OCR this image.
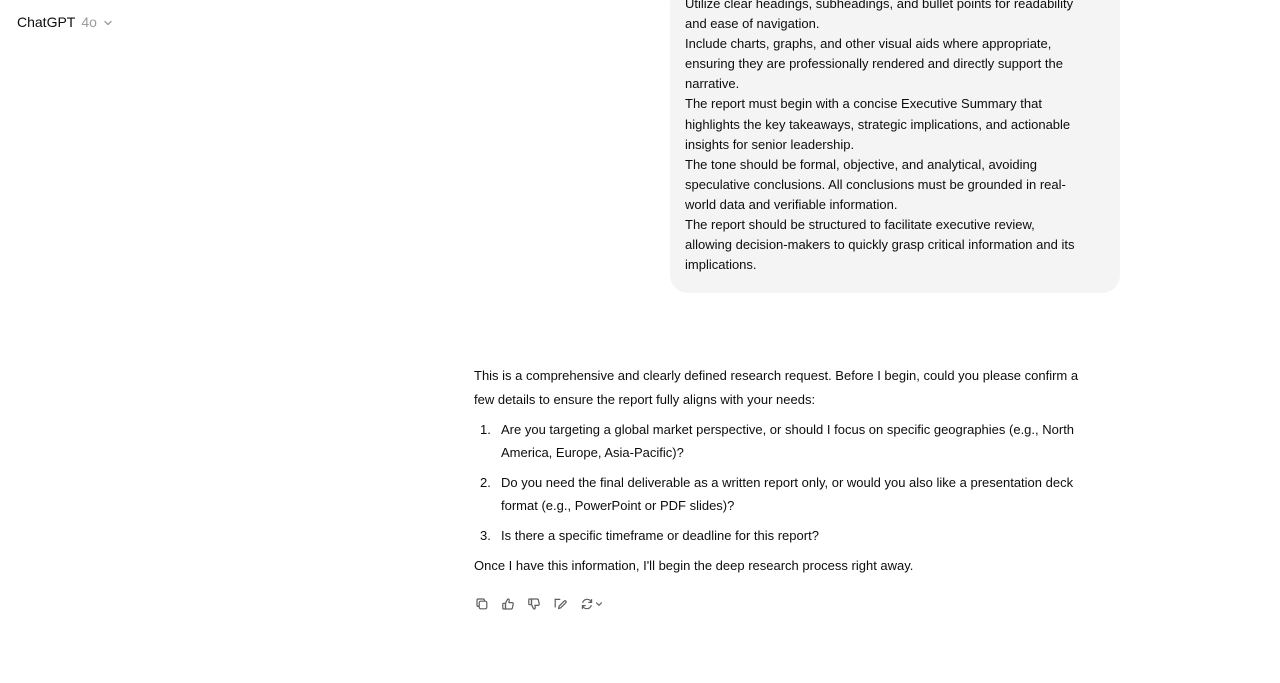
ChatGPT 4o
Utilize clear headings, subheadings, and bullet points for readability
and ease of navigation.
Include charts, graphs, and other visual aids where appropriate,
ensuring they are professionally rendered and directly support the
narrative.
The report must begin with a concise Executive Summary that
highlights the key takeaways, strategic implications, and actionable
insights for senior leadership.
The tone should be formal, objective, and analytical, avoiding
speculative conclusions. All conclusions must be grounded in real-
world data and verifiable information.
The report should be structured to facilitate executive review,
allowing decision-makers to quickly grasp critical information and its
implications.

This is a comprehensive and clearly defined research request. Before I begin, could you please confirm a
few details to ensure the report fully aligns with your needs:

1. Are you targeting a global market perspective, or should I focus on specific geographies (e.g., North
America, Europe, Asia-Pacific)?
2. Do you need the final deliverable as a written report only, or would you also like a presentation deck
format (e.g., PowerPoint or PDF slides)?
3. Is there a specific timeframe or deadline for this report?

Once I have this information, I'll begin the deep research process right away.
